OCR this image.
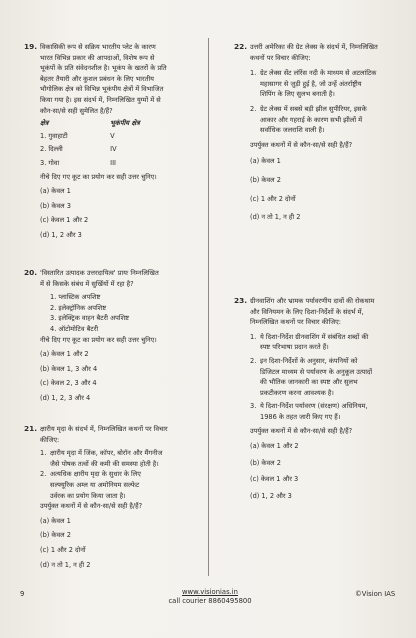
19. विकासिकी रूप से सक्रिय भारतीय प्लेट के कारण

भारत विभिन्न प्रकार की आपदाओं, विशेष रूप से

भूकंपों के प्रति संवेदनशील है। भूकंप के खतरों के प्रति

बेहतर तैयारी और कुशल प्रबंधन के लिए भारतीय

भौगोलिक क्षेत्र को विभिन्न भूकंपीय क्षेत्रों में विभाजित

किया गया है। इस संदर्भ में, निम्नलिखित युग्मों में से

कौन-सा/से सही सुमेलित है/हैं?

क्षेत्र	भूकंपीय क्षेत्र
1. गुवाहाटी	V
2. दिल्ली	IV
3. गोवा	III

नीचे दिए गए कूट का प्रयोग कर सही उत्तर चुनिए।

(a) केवल 1
(b) केवल 3
(c) केवल 1 और 2
(d) 1, 2 और 3
20. 'विस्तारित उत्पादक उत्तरदायित्व' प्रायः निम्नलिखित

में से किसके संबंध में सुर्खियों में रहा है?

1. प्लास्टिक अपशिष्ट
2. इलेक्ट्रॉनिक अपशिष्ट
3. इलेक्ट्रिक वाहन बैटरी अपशिष्ट
4. ऑटोमोटिव बैटरी

नीचे दिए गए कूट का प्रयोग कर सही उत्तर चुनिए।

(a) केवल 1 और 2
(b) केवल 1, 3 और 4
(c) केवल 2, 3 और 4
(d) 1, 2, 3 और 4
21. क्षारीय मृदा के संदर्भ में, निम्नलिखित कथनों पर विचार

कीजिए:

1. क्षारीय मृदा में जिंक, कॉपर, बोरॉन और मैंगनीज
जैसे पोषक तत्वों की कमी की समस्या होती है।
2. अत्यधिक क्षारीय मृदा के सुधार के लिए
सल्फ्यूरिक अम्ल या अमोनियम सल्फेट
उर्वरक का प्रयोग किया जाता है।

उपर्युक्त कथनों में से कौन-सा/से सही है/हैं?

(a) केवल 1
(b) केवल 2
(c) 1 और 2 दोनों
(d) न तो 1, न ही 2
22. उत्तरी अमेरिका की ग्रेट लेक्स के संदर्भ में, निम्नलिखित

कथनों पर विचार कीजिए:

1. ग्रेट लेक्स सेंट लॉरेंस नदी के माध्यम से अटलांटिक
महासागर से जुड़ी हुई है, जो उन्हें अंतर्राष्ट्रीय
शिपिंग के लिए सुलभ बनाती है।
2. ग्रेट लेक्स में सबसे बड़ी झील सुपीरियर, इसके
आकार और गहराई के कारण सभी झीलों में
सर्वाधिक जलराशि वाली है।

उपर्युक्त कथनों में से कौन-सा/से सही है/हैं?

(a) केवल 1
(b) केवल 2
(c) 1 और 2 दोनों
(d) न तो 1, न ही 2
23. ग्रीनवाशिंग और भ्रामक पर्यावरणीय दावों की रोकथाम

और विनियमन के लिए दिशा-निर्देशों के संदर्भ में,

निम्नलिखित कथनों पर विचार कीजिए:

1. ये दिशा-निर्देश ग्रीनवाशिंग में संबंधित शब्दों की
स्पष्ट परिभाषा प्रदान करते हैं।
2. इन दिशा-निर्देशों के अनुसार, कंपनियों को
डिजिटल माध्यम से पर्यावरण के अनुकूल उत्पादों
की भौतिक जानकारी का स्पष्ट और सुलभ
प्रकटीकरण करना आवश्यक है।
3. ये दिशा-निर्देश पर्यावरण (संरक्षण) अधिनियम,
1986 के तहत जारी किए गए हैं।

उपर्युक्त कथनों में से कौन-सा/से सही है/हैं?

(a) केवल 1 और 2
(b) केवल 2
(c) केवल 1 और 3
(d) 1, 2 और 3
9	www.visionias.in
call courier 8860495800
©Vision IAS
